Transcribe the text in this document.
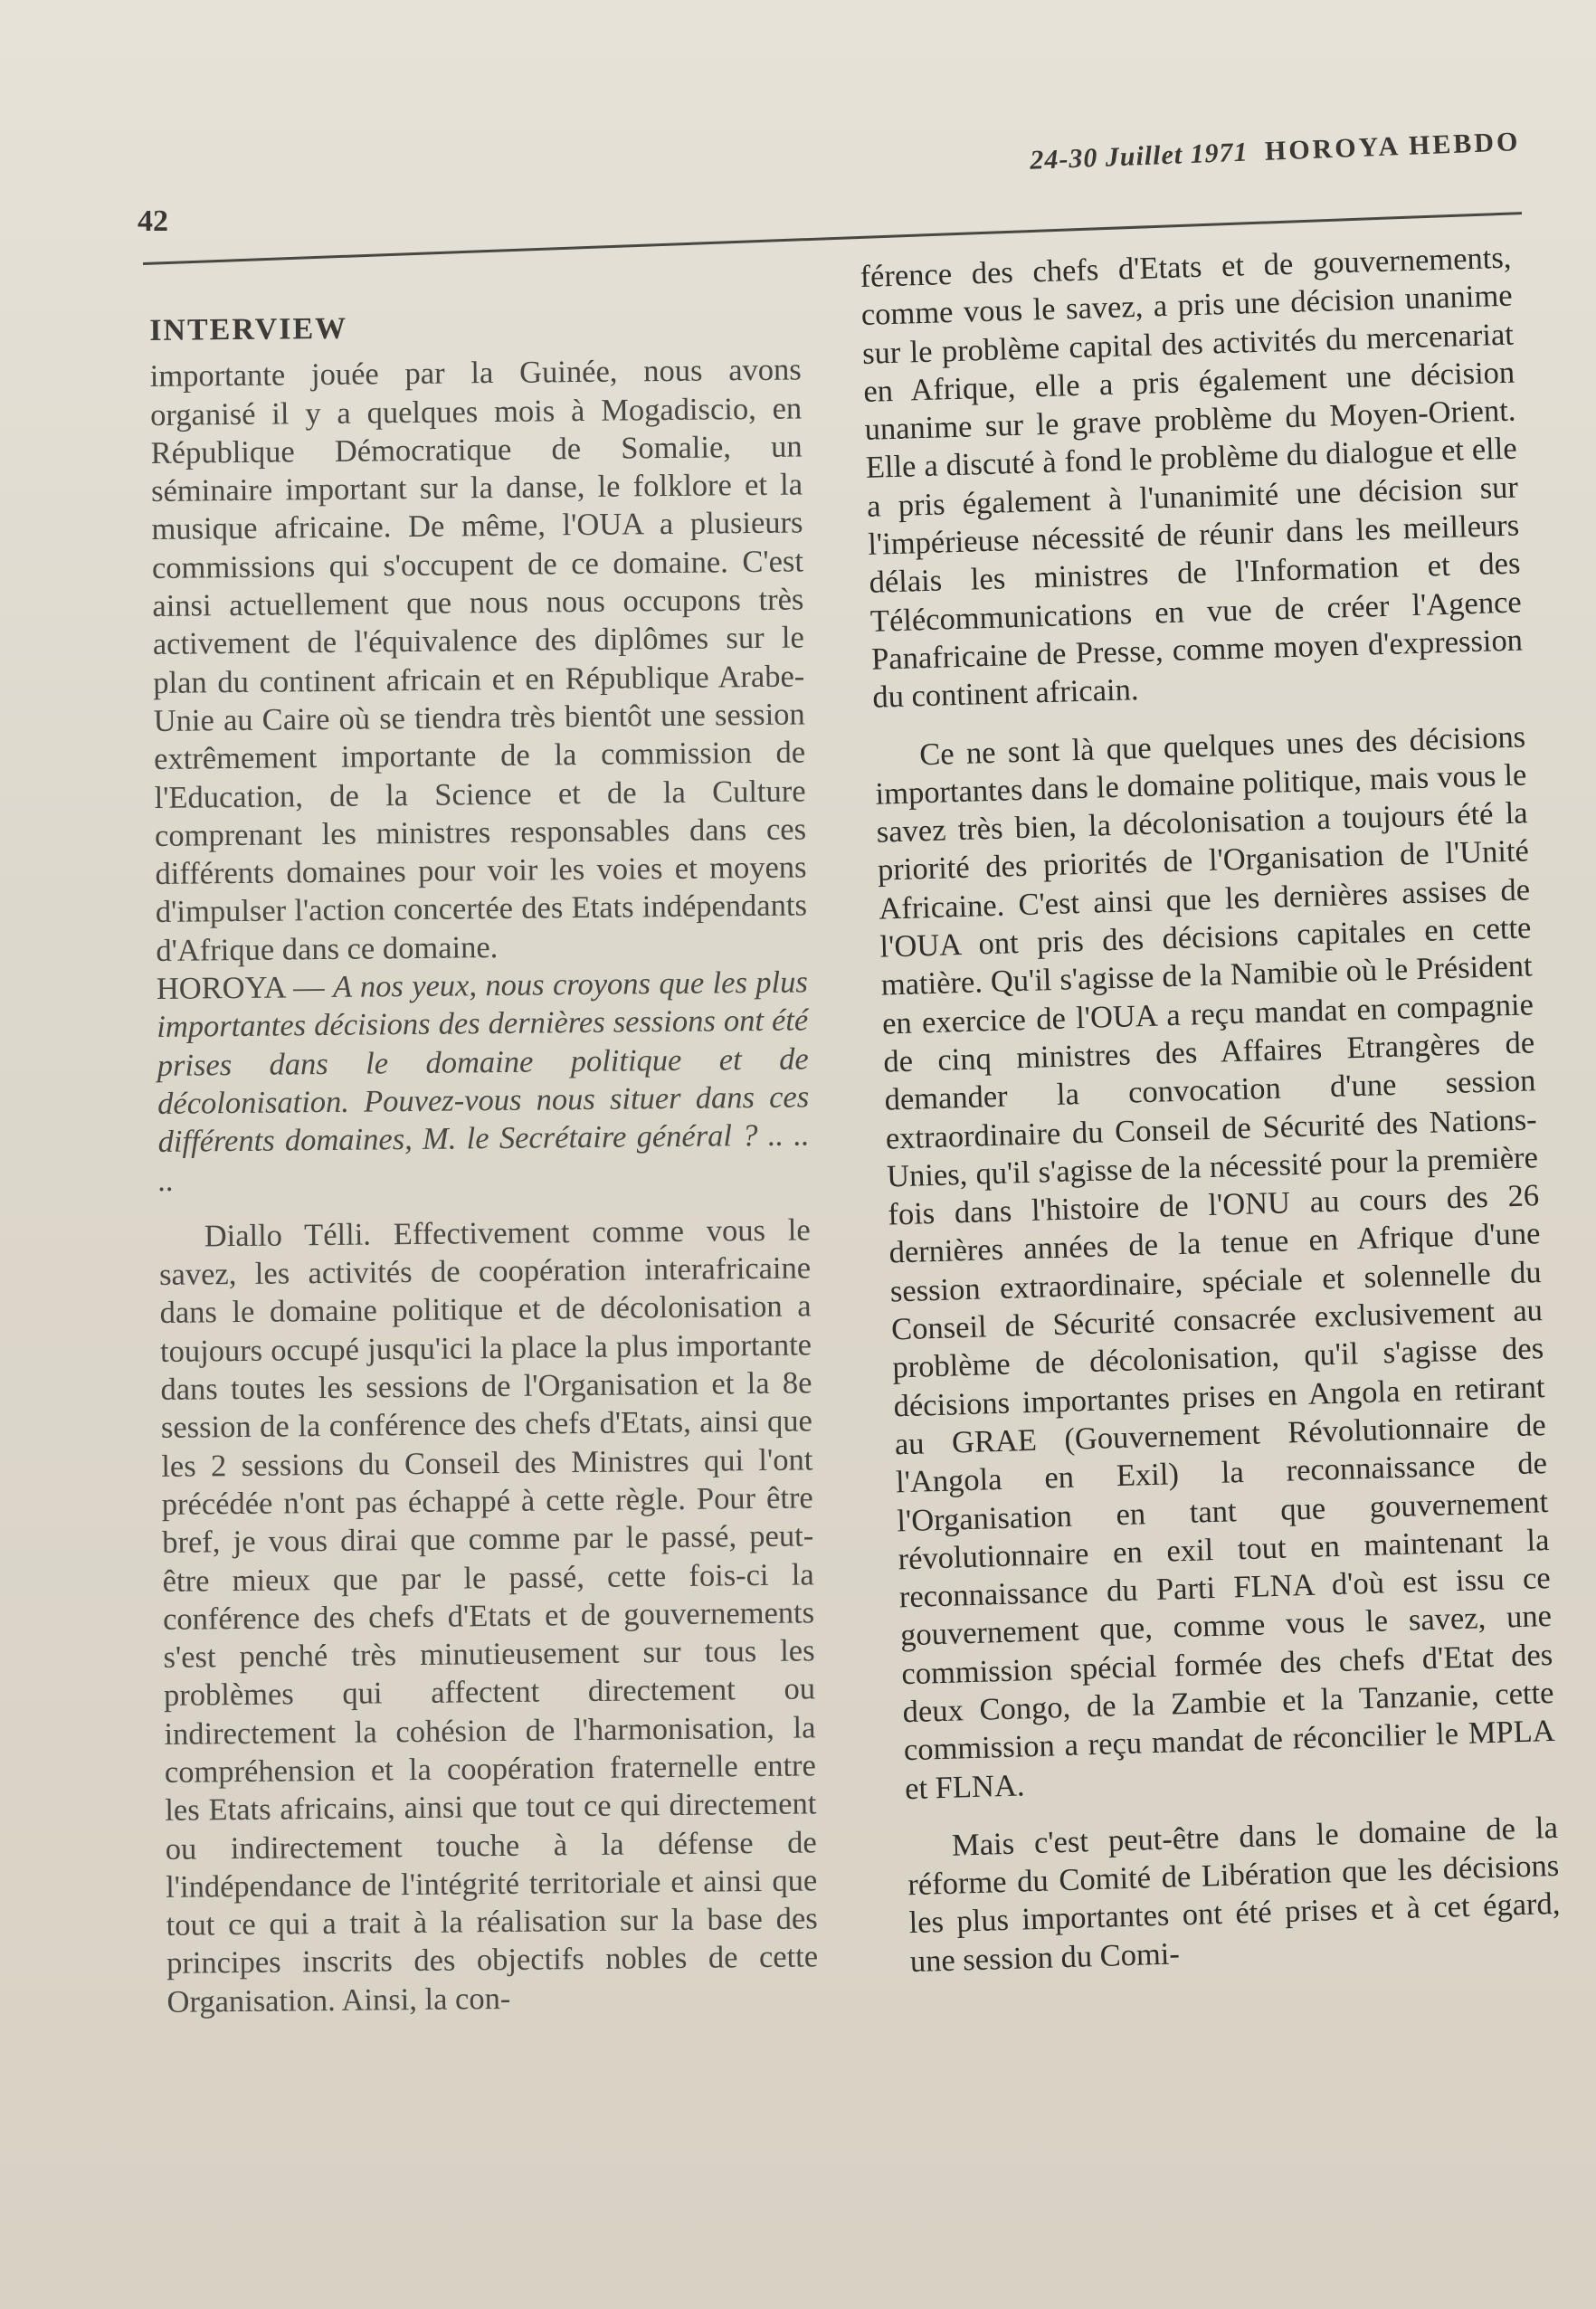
42
24-30 Juillet 1971 HOROYA HEBDO
INTERVIEW

importante jouée par la Guinée, nous avons organisé il y a quelques mois à Mogadiscio, en République Démocratique de Somalie, un séminaire important sur la danse, le folklore et la musique africaine. De même, l'OUA a plusieurs commissions qui s'occupent de ce domaine. C'est ainsi actuellement que nous nous occupons très activement de l'équivalence des diplômes sur le plan du continent africain et en République Arabe-Unie au Caire où se tiendra très bientôt une session extrêmement importante de la commission de l'Education, de la Science et de la Culture comprenant les ministres responsables dans ces différents domaines pour voir les voies et moyens d'impulser l'action concertée des Etats indépendants d'Afrique dans ce domaine.

HOROYA — A nos yeux, nous croyons que les plus importantes décisions des dernières sessions ont été prises dans le domaine politique et de décolonisation. Pouvez-vous nous situer dans ces différents domaines, M. le Secrétaire général ? .. .. ..

Diallo Télli. Effectivement comme vous le savez, les activités de coopération interafricaine dans le domaine politique et de décolonisation a toujours occupé jusqu'ici la place la plus importante dans toutes les sessions de l'Organisation et la 8e session de la conférence des chefs d'Etats, ainsi que les 2 sessions du Conseil des Ministres qui l'ont précédée n'ont pas échappé à cette règle. Pour être bref, je vous dirai que comme par le passé, peut-être mieux que par le passé, cette fois-ci la conférence des chefs d'Etats et de gouvernements s'est penché très minutieusement sur tous les problèmes qui affectent directement ou indirectement la cohésion de l'harmonisation, la compréhension et la coopération fraternelle entre les Etats africains, ainsi que tout ce qui directement ou indirectement touche à la défense de l'indépendance de l'intégrité territoriale et ainsi que tout ce qui a trait à la réalisation sur la base des principes inscrits des objectifs nobles de cette Organisation. Ainsi, la con-

férence des chefs d'Etats et de gouvernements, comme vous le savez, a pris une décision unanime sur le problème capital des activités du mercenariat en Afrique, elle a pris également une décision unanime sur le grave problème du Moyen-Orient. Elle a discuté à fond le problème du dialogue et elle a pris également à l'unanimité une décision sur l'impérieuse nécessité de réunir dans les meilleurs délais les ministres de l'Information et des Télécommunications en vue de créer l'Agence Panafricaine de Presse, comme moyen d'expression du continent africain.

Ce ne sont là que quelques unes des décisions importantes dans le domaine politique, mais vous le savez très bien, la décolonisation a toujours été la priorité des priorités de l'Organisation de l'Unité Africaine. C'est ainsi que les dernières assises de l'OUA ont pris des décisions capitales en cette matière. Qu'il s'agisse de la Namibie où le Président en exercice de l'OUA a reçu mandat en compagnie de cinq ministres des Affaires Etrangères de demander la convocation d'une session extraordinaire du Conseil de Sécurité des Nations-Unies, qu'il s'agisse de la nécessité pour la première fois dans l'histoire de l'ONU au cours des 26 dernières années de la tenue en Afrique d'une session extraordinaire, spéciale et solennelle du Conseil de Sécurité consacrée exclusivement au problème de décolonisation, qu'il s'agisse des décisions importantes prises en Angola en retirant au GRAE (Gouvernement Révolutionnaire de l'Angola en Exil) la reconnaissance de l'Organisation en tant que gouvernement révolutionnaire en exil tout en maintenant la reconnaissance du Parti FLNA d'où est issu ce gouvernement que, comme vous le savez, une commission spécial formée des chefs d'Etat des deux Congo, de la Zambie et la Tanzanie, cette commission a reçu mandat de réconcilier le MPLA et FLNA.

Mais c'est peut-être dans le domaine de la réforme du Comité de Libération que les décisions les plus importantes ont été prises et à cet égard, une session du Comi-
